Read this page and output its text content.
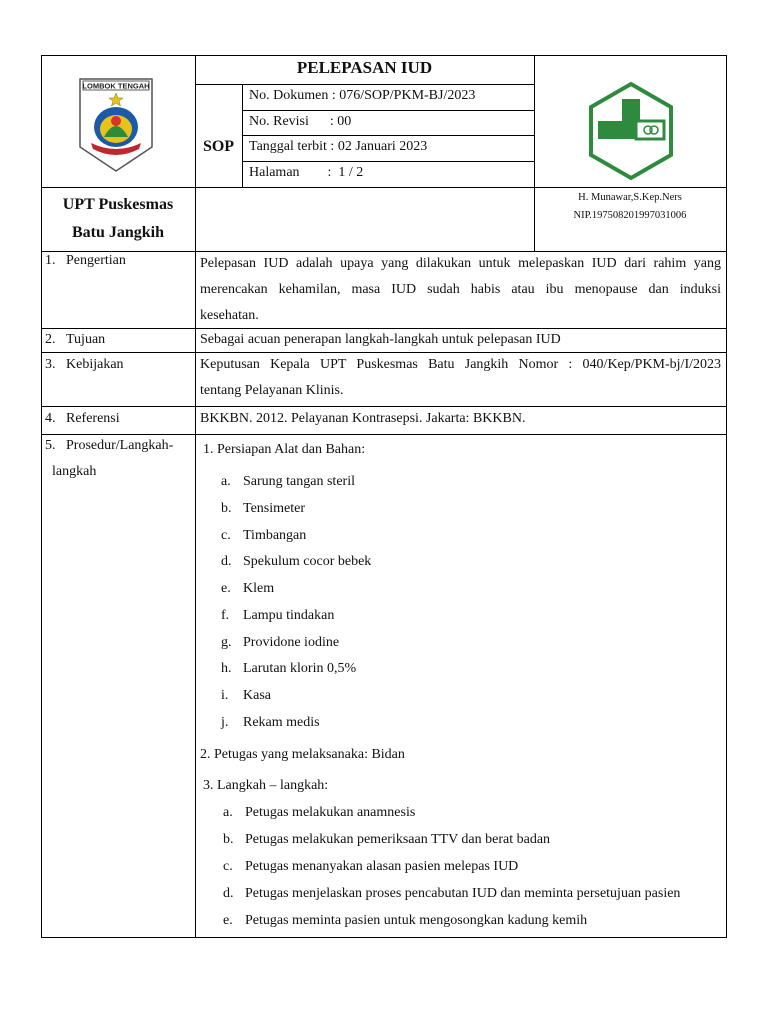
LOMBOK TENGAH
PELEPASAN IUD
SOP
No. Dokumen : 076/SOP/PKM-BJ/2023
No. Revisi      : 00
Tanggal terbit : 02 Januari 2023
Halaman        :  1 / 2
UPT Puskesmas
Batu Jangkih
H. Munawar,S.Kep.Ners
NIP.197508201997031006
1. Pengertian
2. Tujuan
3. Kebijakan
4. Referensi
5. Prosedur/Langkah-
langkah
Pelepasan IUD adalah upaya yang dilakukan untuk melepaskan IUD dari rahim yang
merencakan kehamilan, masa IUD sudah habis atau ibu menopause dan induksi
kesehatan.
Sebagai acuan penerapan langkah-langkah untuk pelepasan IUD
Keputusan Kepala UPT Puskesmas Batu Jangkih Nomor : 040/Kep/PKM-bj/I/2023
tentang Pelayanan Klinis.
BKKBN. 2012. Pelayanan Kontrasepsi. Jakarta: BKKBN.
1. Persiapan Alat dan Bahan:
a. Sarung tangan steril
b. Tensimeter
c. Timbangan
d. Spekulum cocor bebek
e. Klem
f. Lampu tindakan
g. Providone iodine
h. Larutan klorin 0,5%
i. Kasa
j. Rekam medis
2. Petugas yang melaksanaka: Bidan
3. Langkah – langkah:
a. Petugas melakukan anamnesis
b. Petugas melakukan pemeriksaan TTV dan berat badan
c. Petugas menanyakan alasan pasien melepas IUD
d. Petugas menjelaskan proses pencabutan IUD dan meminta persetujuan pasien
e. Petugas meminta pasien untuk mengosongkan kadung kemih
